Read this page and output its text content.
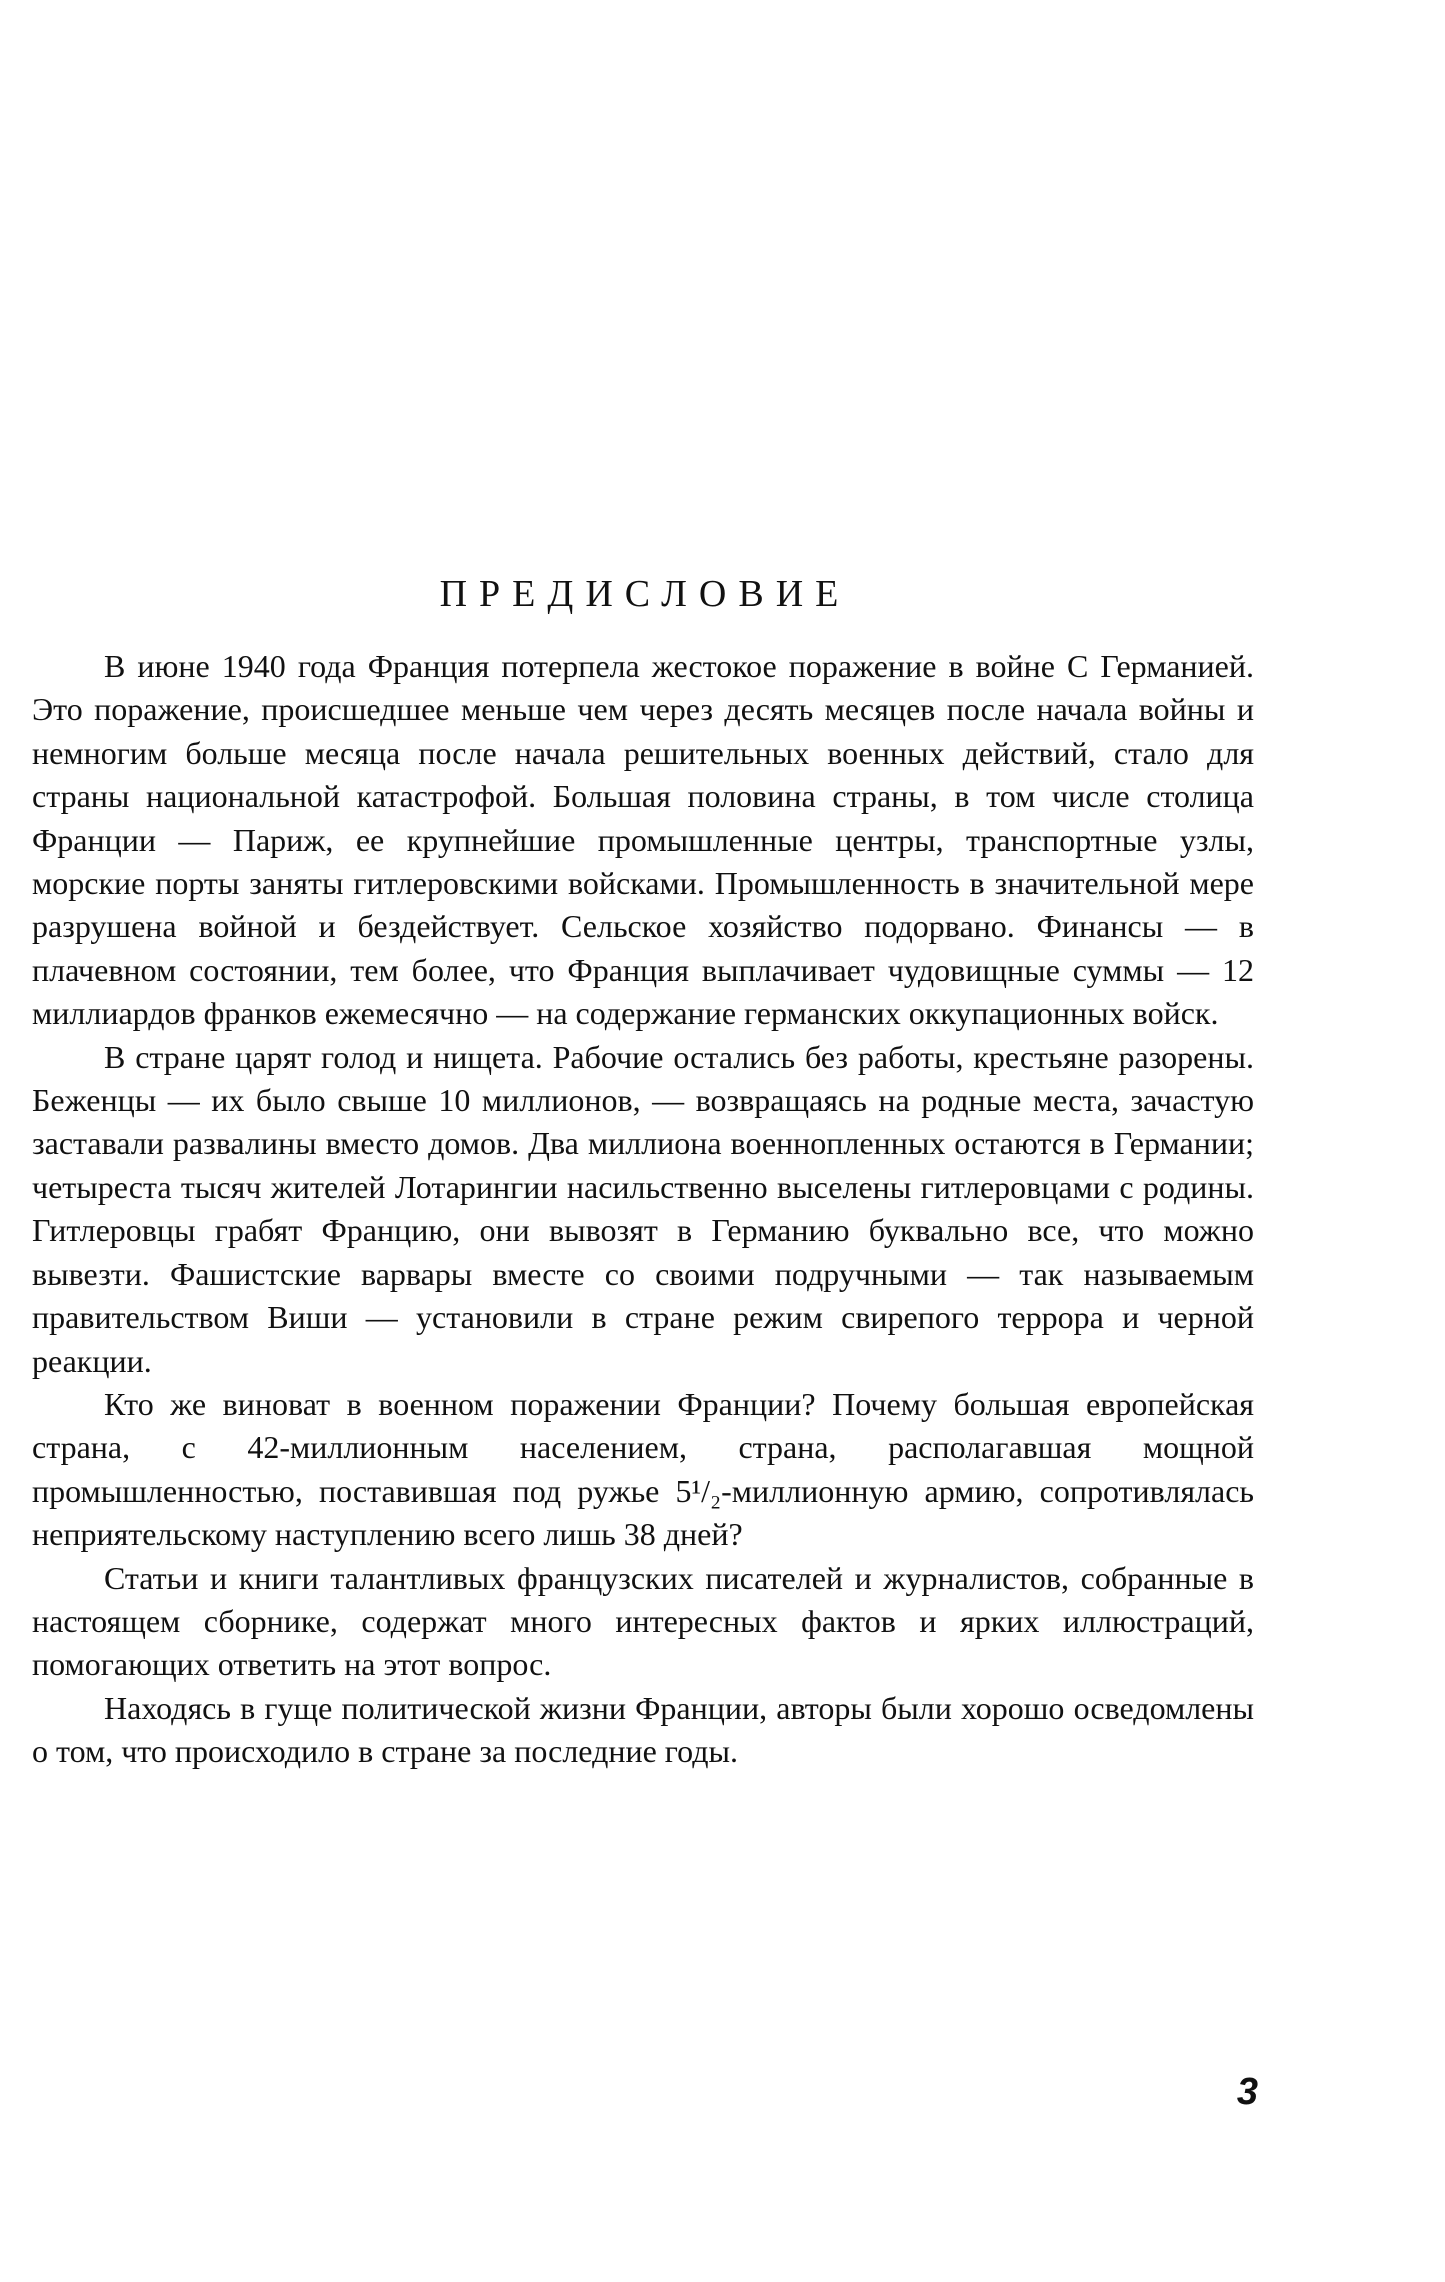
ПРЕДИСЛОВИЕ

В июне 1940 года Франция потерпела жестокое поражение в войне С Германией. Это поражение, происшедшее меньше чем через десять месяцев после начала войны и немногим больше месяца после начала решительных военных действий, стало для страны национальной катастрофой. Большая половина страны, в том числе столица Франции — Париж, ее крупнейшие промышленные центры, транспортные узлы, морские порты заняты гитлеровскими войсками. Промышленность в значительной мере разрушена войной и бездействует. Сельское хозяйство подорвано. Финансы — в плачевном состоянии, тем более, что Франция выплачивает чудовищные суммы — 12 миллиардов франков ежемесячно — на содержание германских оккупационных войск.

В стране царят голод и нищета. Рабочие остались без работы, крестьяне разорены. Беженцы — их было свыше 10 миллионов, — возвращаясь на родные места, зачастую заставали развалины вместо домов. Два миллиона военнопленных остаются в Германии; четыреста тысяч жителей Лотарингии насильственно выселены гитлеровцами с родины. Гитлеровцы грабят Францию, они вывозят в Германию буквально все, что можно вывезти. Фашистские варвары вместе со своими подручными — так называемым правительством Виши — установили в стране режим свирепого террора и черной реакции.

Кто же виноват в военном поражении Франции? Почему большая европейская страна, с 42-миллионным населением, страна, располагавшая мощной промышленностью, поставившая под ружье 5¹/₂-миллионную армию, сопротивлялась неприятельскому наступлению всего лишь 38 дней?

Статьи и книги талантливых французских писателей и журналистов, собранные в настоящем сборнике, содержат много интересных фактов и ярких иллюстраций, помогающих ответить на этот вопрос.

Находясь в гуще политической жизни Франции, авторы были хорошо осведомлены о том, что происходило в стране за последние годы.

3
